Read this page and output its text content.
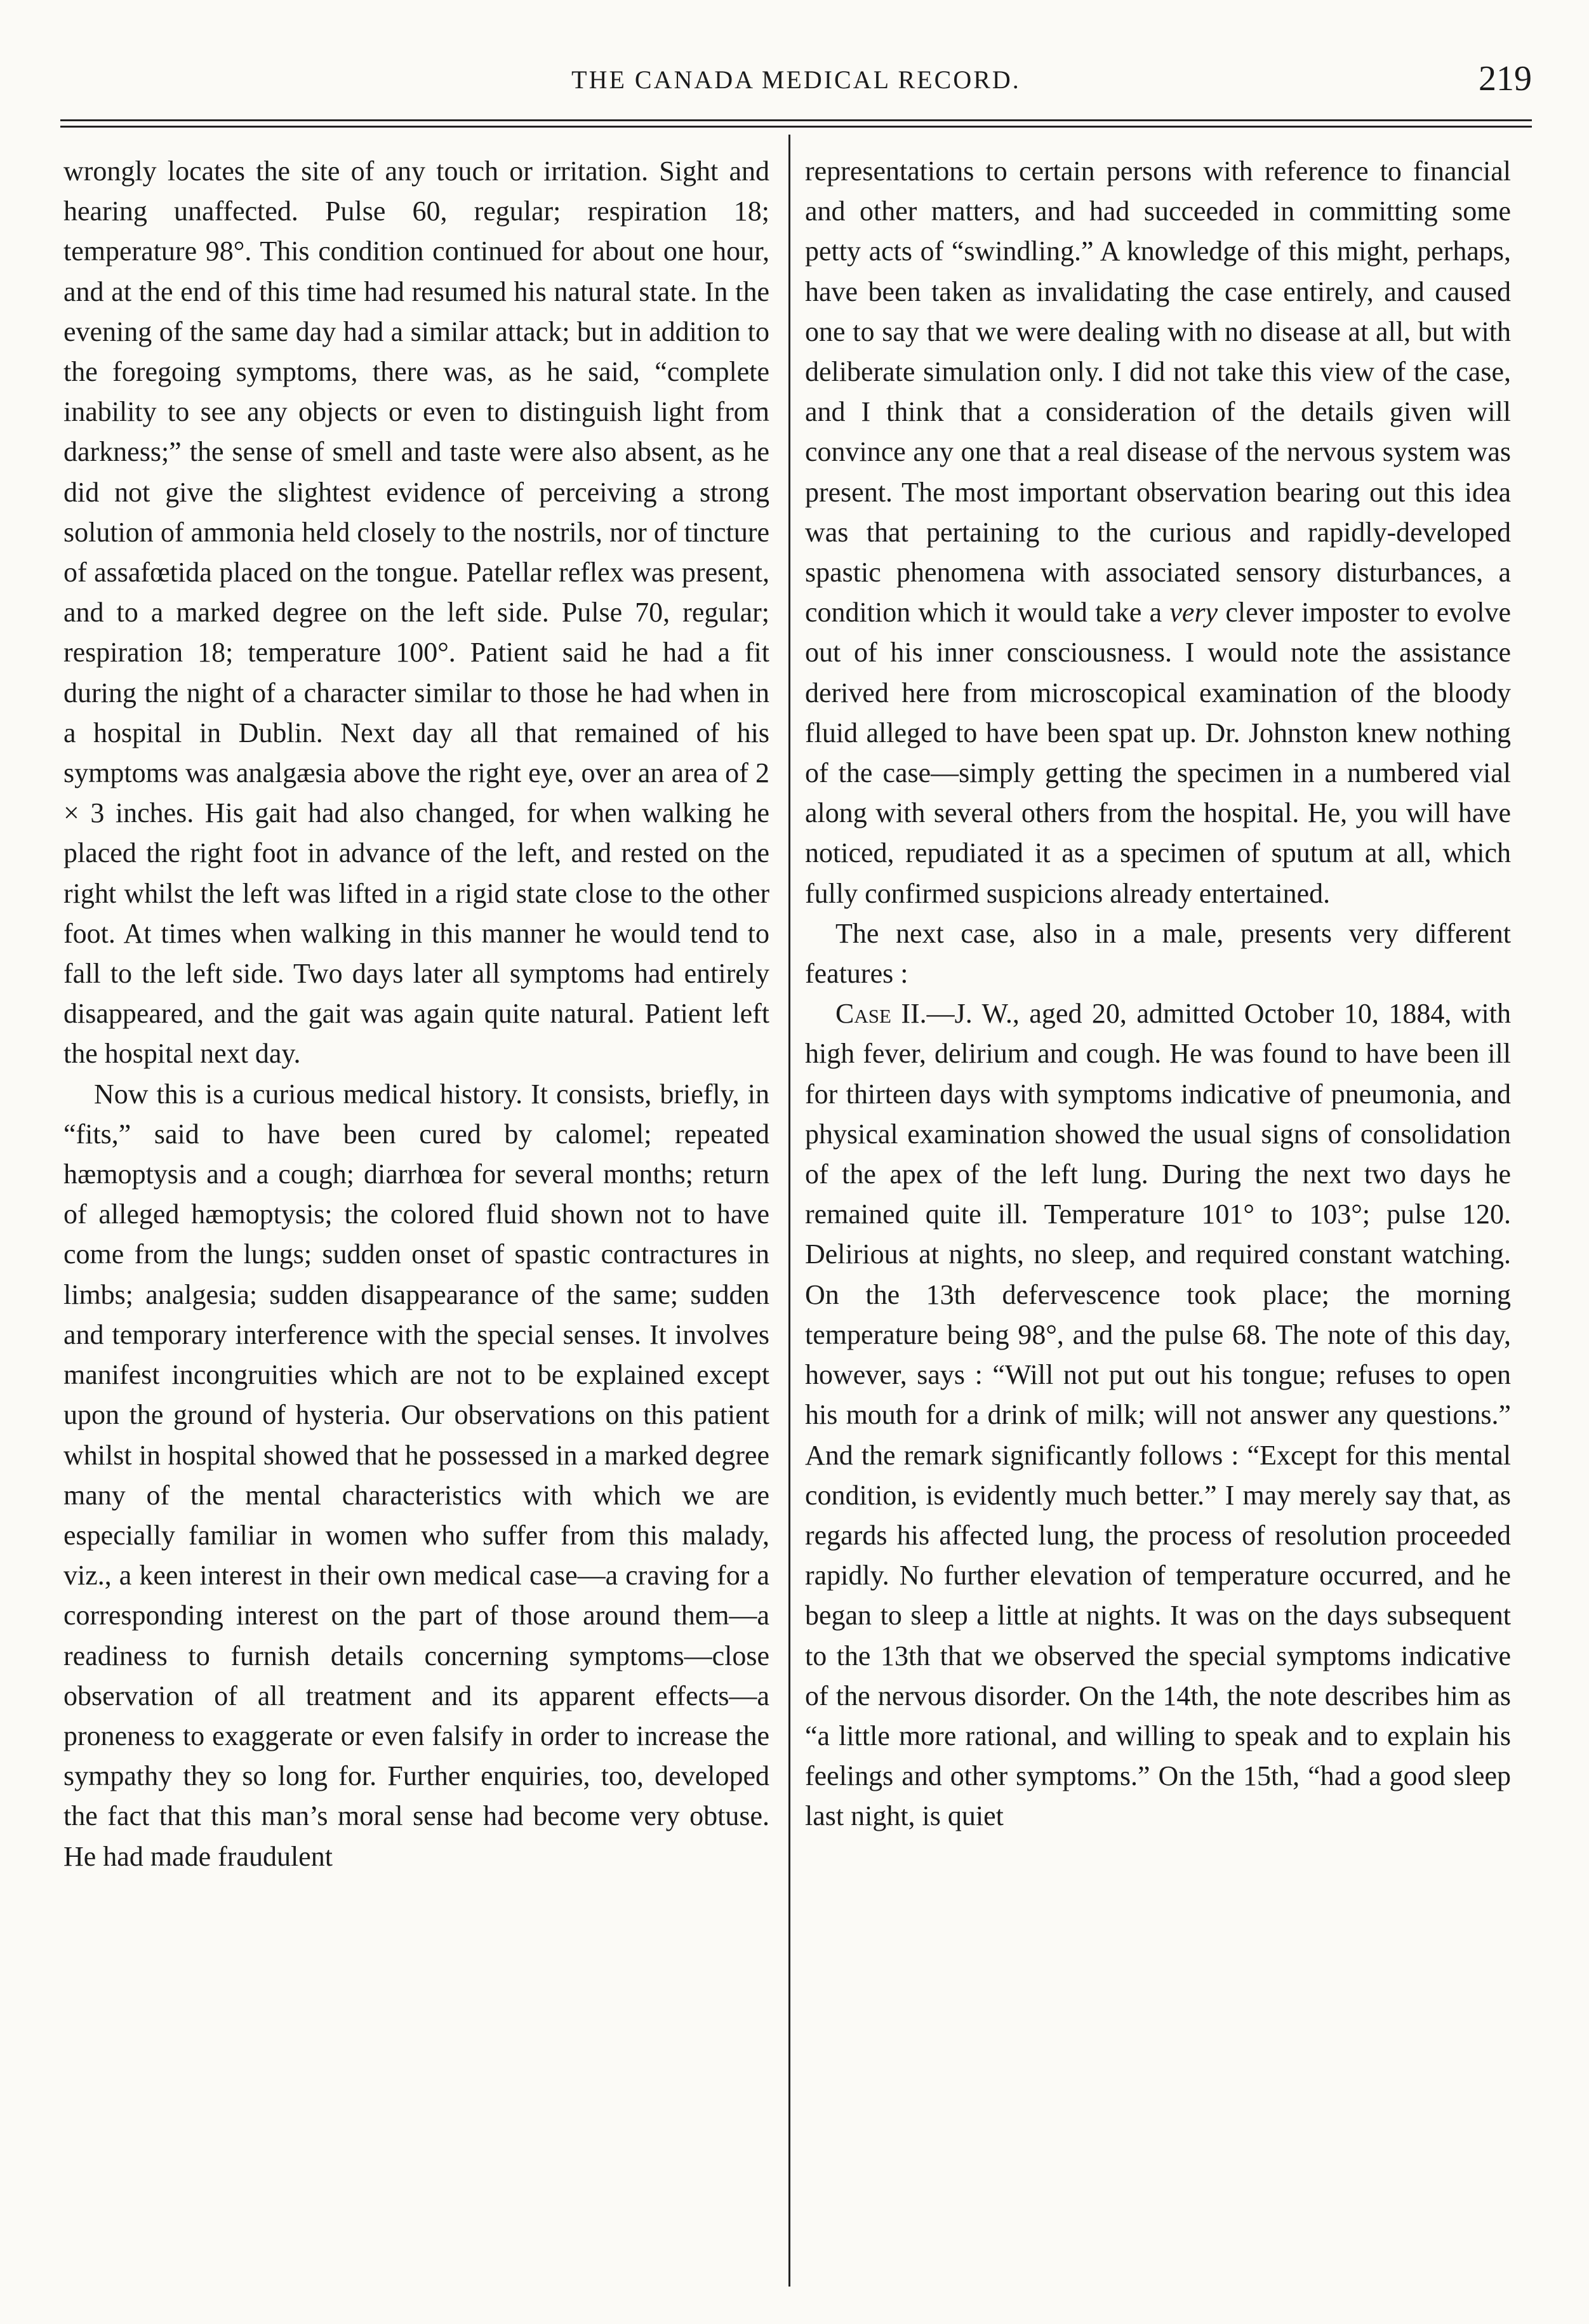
THE CANADA MEDICAL RECORD.	219

wrongly locates the site of any touch or irritation. Sight and hearing unaffected. Pulse 60, regular; respiration 18; temperature 98°. This condition continued for about one hour, and at the end of this time had resumed his natural state. In the evening of the same day had a similar attack; but in addition to the foregoing symptoms, there was, as he said, “complete inability to see any objects or even to distinguish light from darkness;” the sense of smell and taste were also absent, as he did not give the slightest evidence of perceiving a strong solution of ammonia held closely to the nostrils, nor of tincture of assafœtida placed on the tongue. Patellar reflex was present, and to a marked degree on the left side. Pulse 70, regular; respiration 18; temperature 100°. Patient said he had a fit during the night of a character similar to those he had when in a hospital in Dublin. Next day all that remained of his symptoms was analgæsia above the right eye, over an area of 2 × 3 inches. His gait had also changed, for when walking he placed the right foot in advance of the left, and rested on the right whilst the left was lifted in a rigid state close to the other foot. At times when walking in this manner he would tend to fall to the left side. Two days later all symptoms had entirely disappeared, and the gait was again quite natural. Patient left the hospital next day.

Now this is a curious medical history. It consists, briefly, in “fits,” said to have been cured by calomel; repeated hæmoptysis and a cough; diarrhœa for several months; return of alleged hæmoptysis; the colored fluid shown not to have come from the lungs; sudden onset of spastic contractures in limbs; analgesia; sudden disappearance of the same; sudden and temporary interference with the special senses. It involves manifest incongruities which are not to be explained except upon the ground of hysteria. Our observations on this patient whilst in hospital showed that he possessed in a marked degree many of the mental characteristics with which we are especially familiar in women who suffer from this malady, viz., a keen interest in their own medical case—a craving for a corresponding interest on the part of those around them—a readiness to furnish details concerning symptoms—close observation of all treatment and its apparent effects—a proneness to exaggerate or even falsify in order to increase the sympathy they so long for. Further enquiries, too, developed the fact that this man’s moral sense had become very obtuse. He had made fraudulent

representations to certain persons with reference to financial and other matters, and had succeeded in committing some petty acts of “swindling.” A knowledge of this might, perhaps, have been taken as invalidating the case entirely, and caused one to say that we were dealing with no disease at all, but with deliberate simulation only. I did not take this view of the case, and I think that a consideration of the details given will convince any one that a real disease of the nervous system was present. The most important observation bearing out this idea was that pertaining to the curious and rapidly-developed spastic phenomena with associated sensory disturbances, a condition which it would take a very clever imposter to evolve out of his inner consciousness. I would note the assistance derived here from microscopical examination of the bloody fluid alleged to have been spat up. Dr. Johnston knew nothing of the case—simply getting the specimen in a numbered vial along with several others from the hospital. He, you will have noticed, repudiated it as a specimen of sputum at all, which fully confirmed suspicions already entertained.

The next case, also in a male, presents very different features :

Case II.—J. W., aged 20, admitted October 10, 1884, with high fever, delirium and cough. He was found to have been ill for thirteen days with symptoms indicative of pneumonia, and physical examination showed the usual signs of consolidation of the apex of the left lung. During the next two days he remained quite ill. Temperature 101° to 103°; pulse 120. Delirious at nights, no sleep, and required constant watching. On the 13th defervescence took place; the morning temperature being 98°, and the pulse 68. The note of this day, however, says : “Will not put out his tongue; refuses to open his mouth for a drink of milk; will not answer any questions.” And the remark significantly follows : “Except for this mental condition, is evidently much better.” I may merely say that, as regards his affected lung, the process of resolution proceeded rapidly. No further elevation of temperature occurred, and he began to sleep a little at nights. It was on the days subsequent to the 13th that we observed the special symptoms indicative of the nervous disorder. On the 14th, the note describes him as “a little more rational, and willing to speak and to explain his feelings and other symptoms.” On the 15th, “had a good sleep last night, is quiet
